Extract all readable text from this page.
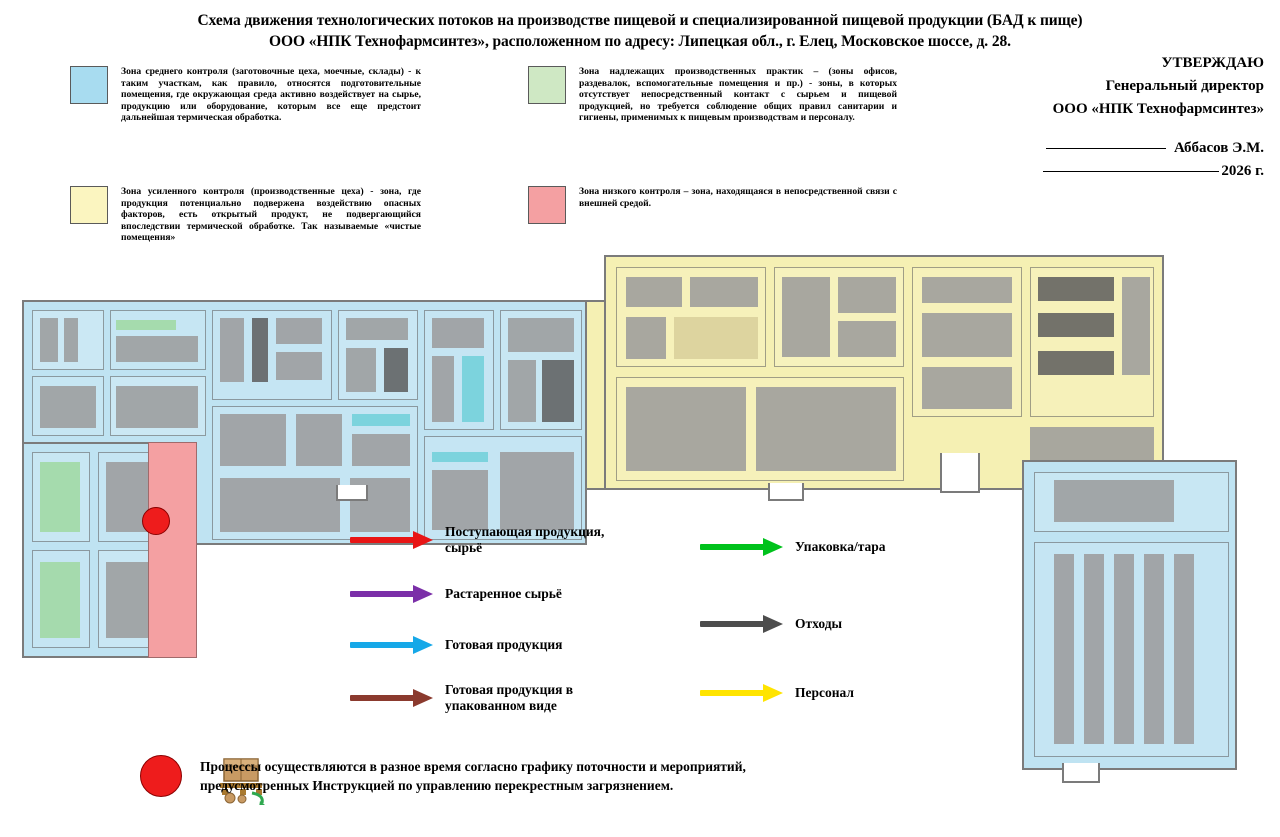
Схема движения технологических потоков на производстве пищевой и специализированной пищевой продукции (БАД к пище)
ООО «НПК Технофармсинтез», расположенном по адресу: Липецкая обл., г. Елец, Московское шоссе, д. 28.
УТВЕРЖДАЮ
Генеральный директор
ООО «НПК Технофармсинтез»
Аббасов Э.М.
2026 г.
Зона среднего контроля (заготовочные цеха, моечные, склады) - к таким участкам, как правило, относятся подготовительные помещения, где окружающая среда активно воздействует на сырье, продукцию или оборудование, которым все еще предстоит дальнейшая термическая обработка.
Зона надлежащих производственных практик – (зоны офисов, раздевалок, вспомогательные помещения и пр.) - зоны, в которых отсутствует непосредственный контакт с сырьем и пищевой продукцией, но требуется соблюдение общих правил санитарии и гигиены, применимых к пищевым производствам и персоналу.
Зона усиленного контроля (производственные цеха) - зона, где продукция потенциально подвержена воздействию опасных факторов, есть открытый продукт, не подвергающийся впоследствии термической обработке. Так называемые «чистые помещения»
Зона низкого контроля – зона, находящаяся в непосредственной связи с внешней средой.
Поступающая продукция,
сырьё
Растаренное сырьё
Готовая продукция
Готовая продукция в
упакованном виде
Упаковка/тара
Отходы
Персонал
Процессы осуществляются в разное время согласно графику поточности и мероприятий,
предусмотренных Инструкцией по управлению перекрестным загрязнением.
